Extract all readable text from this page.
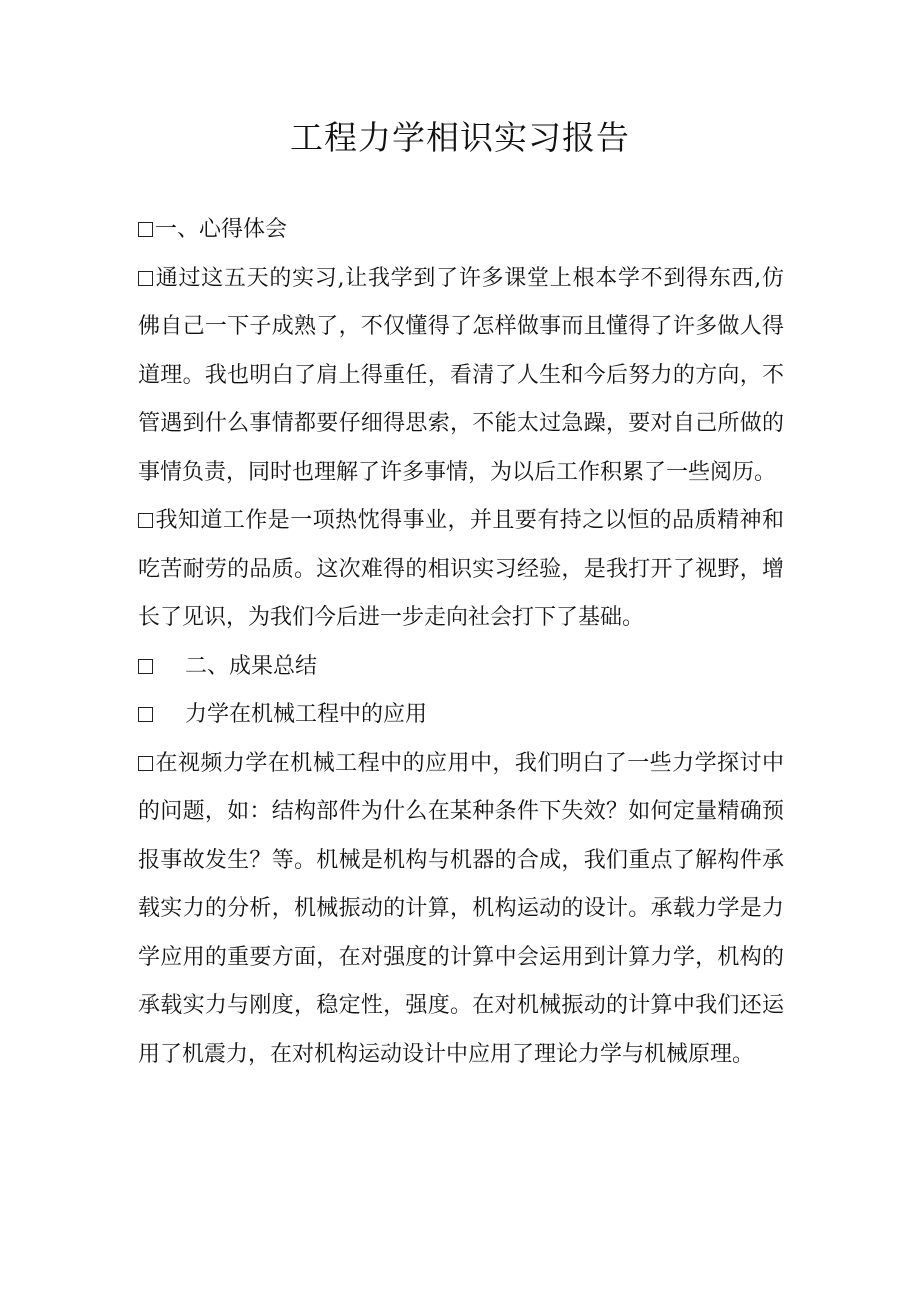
工程力学相识实习报告

一、心得体会

通过这五天的实习,让我学到了许多课堂上根本学不到得东西,仿佛自己一下子成熟了，不仅懂得了怎样做事而且懂得了许多做人得道理。我也明白了肩上得重任，看清了人生和今后努力的方向，不管遇到什么事情都要仔细得思索，不能太过急躁，要对自己所做的事情负责，同时也理解了许多事情，为以后工作积累了一些阅历。

我知道工作是一项热忱得事业，并且要有持之以恒的品质精神和吃苦耐劳的品质。这次难得的相识实习经验，是我打开了视野，增长了见识，为我们今后进一步走向社会打下了基础。

二、成果总结

力学在机械工程中的应用

在视频力学在机械工程中的应用中，我们明白了一些力学探讨中的问题，如：结构部件为什么在某种条件下失效？如何定量精确预报事故发生？等。机械是机构与机器的合成，我们重点了解构件承载实力的分析，机械振动的计算，机构运动的设计。承载力学是力学应用的重要方面，在对强度的计算中会运用到计算力学，机构的承载实力与刚度，稳定性，强度。在对机械振动的计算中我们还运用了机震力，在对机构运动设计中应用了理论力学与机械原理。
